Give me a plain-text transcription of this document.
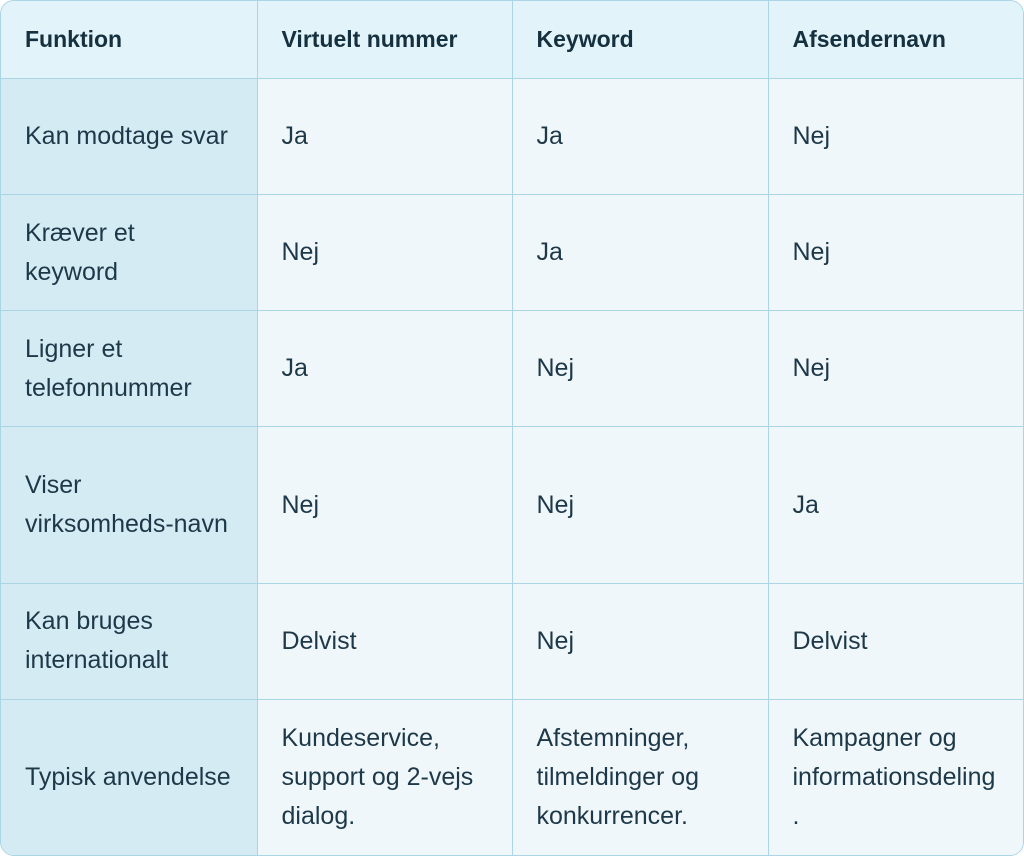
Funktion	Virtuelt nummer	Keyword	Afsendernavn
Kan modtage svar	Ja	Ja	Nej
Kræver et keyword	Nej	Ja	Nej
Ligner et telefonnummer	Ja	Nej	Nej
Viser virksomheds-navn	Nej	Nej	Ja
Kan bruges internationalt	Delvist	Nej	Delvist
Typisk anvendelse	Kundeservice, support og 2-vejs dialog.	Afstemninger, tilmeldinger og konkurrencer.	Kampagner og informationsdeling.
